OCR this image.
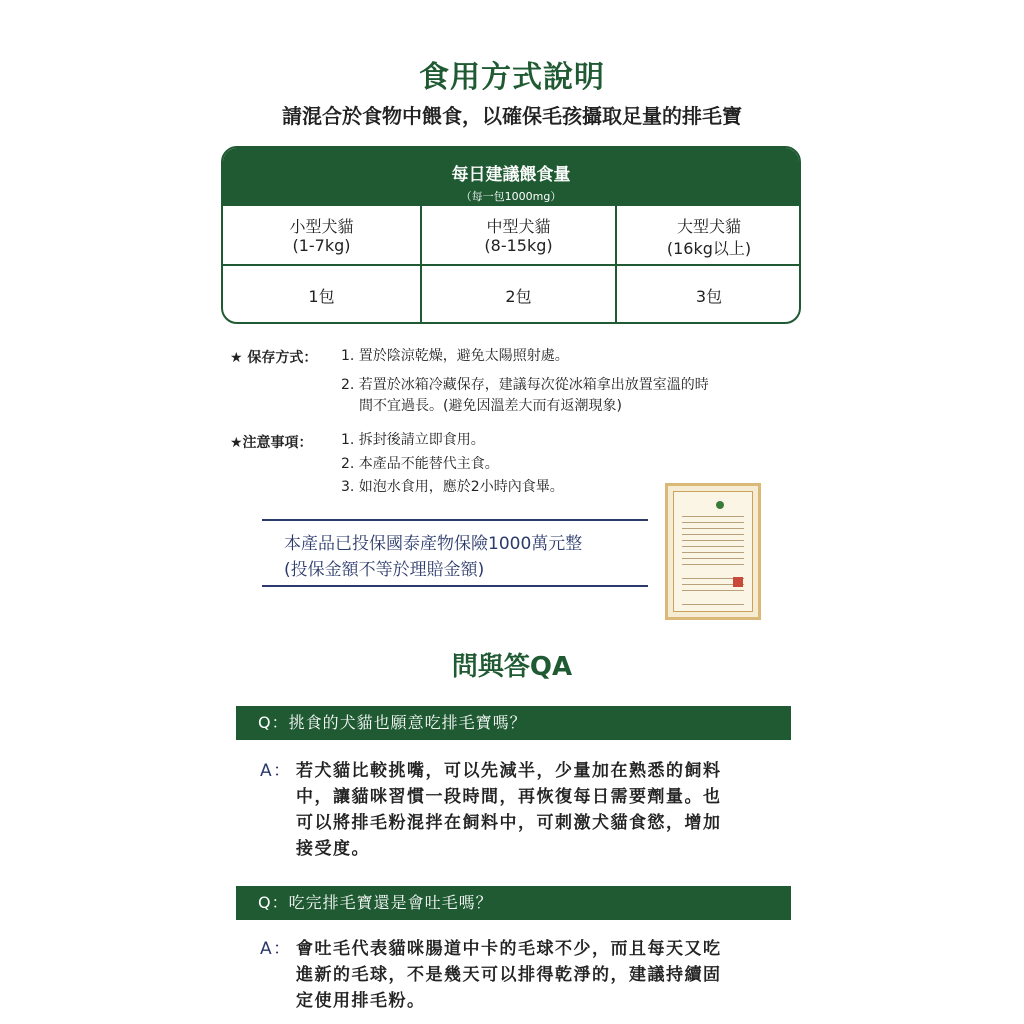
食用方式說明
請混合於食物中餵食，以確保毛孩攝取足量的排毛寶
每日建議餵食量
（每一包1000mg）
小型犬貓
(1-7kg)
中型犬貓
(8-15kg)
大型犬貓
(16kg以上)
1包	2包	3包
★ 保存方式： 1. 置於陰涼乾燥，避免太陽照射處。
2. 若置於冰箱冷藏保存，建議每次從冰箱拿出放置室溫的時
間不宜過長。(避免因溫差大而有返潮現象)
★注意事項： 1. 拆封後請立即食用。
2. 本產品不能替代主食。
3. 如泡水食用，應於2小時內食畢。
本產品已投保國泰產物保險1000萬元整
(投保金額不等於理賠金額)
問與答QA
Q：挑食的犬貓也願意吃排毛寶嗎？
A： 若犬貓比較挑嘴，可以先減半，少量加在熟悉的飼料
中，讓貓咪習慣一段時間，再恢復每日需要劑量。也
可以將排毛粉混拌在飼料中，可刺激犬貓食慾，增加
接受度。
Q：吃完排毛寶還是會吐毛嗎？
A： 會吐毛代表貓咪腸道中卡的毛球不少，而且每天又吃
進新的毛球，不是幾天可以排得乾淨的，建議持續固
定使用排毛粉。
